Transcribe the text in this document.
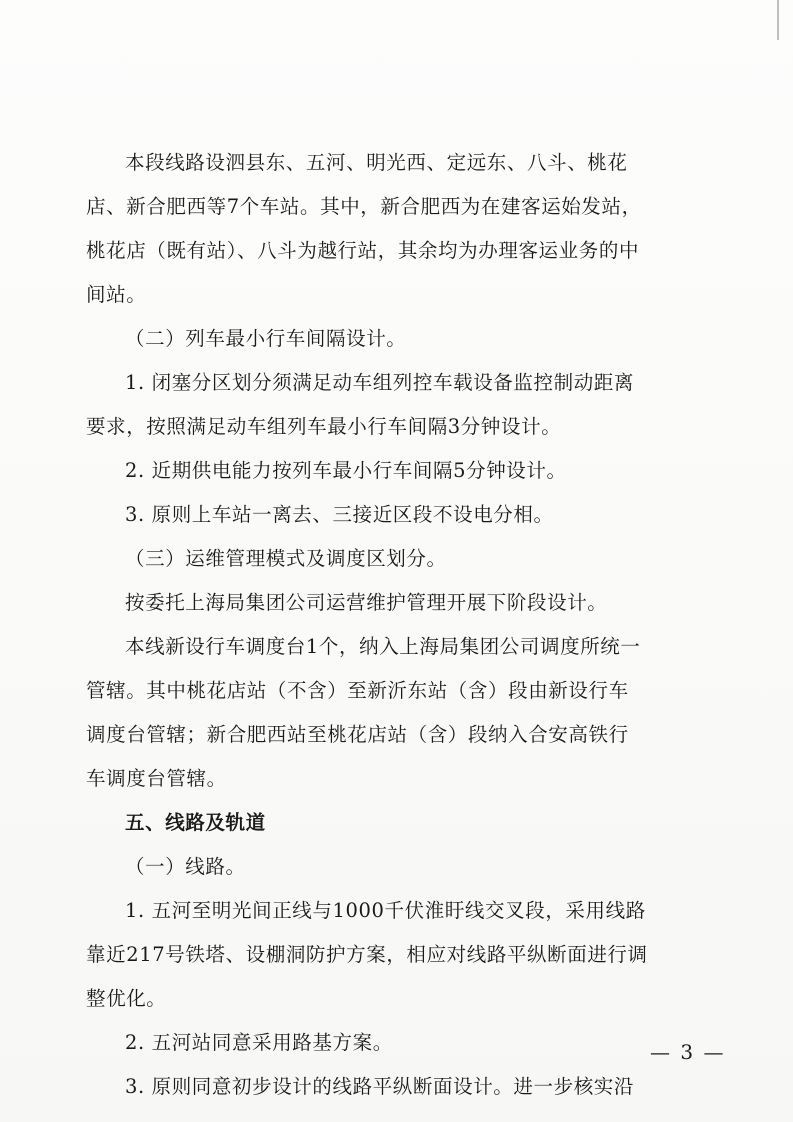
本段线路设泗县东、五河、明光西、定远东、八斗、桃花
店、新合肥西等7个车站。其中，新合肥西为在建客运始发站，
桃花店（既有站）、八斗为越行站，其余均为办理客运业务的中
间站。
（二）列车最小行车间隔设计。
1. 闭塞分区划分须满足动车组列控车载设备监控制动距离
要求，按照满足动车组列车最小行车间隔3分钟设计。
2. 近期供电能力按列车最小行车间隔5分钟设计。
3. 原则上车站一离去、三接近区段不设电分相。
（三）运维管理模式及调度区划分。
按委托上海局集团公司运营维护管理开展下阶段设计。
本线新设行车调度台1个，纳入上海局集团公司调度所统一
管辖。其中桃花店站（不含）至新沂东站（含）段由新设行车
调度台管辖；新合肥西站至桃花店站（含）段纳入合安高铁行
车调度台管辖。
五、线路及轨道
（一）线路。
1. 五河至明光间正线与1000千伏淮盱线交叉段，采用线路
靠近217号铁塔、设棚洞防护方案，相应对线路平纵断面进行调
整优化。
2. 五河站同意采用路基方案。
3. 原则同意初步设计的线路平纵断面设计。进一步核实沿
— 3 —
